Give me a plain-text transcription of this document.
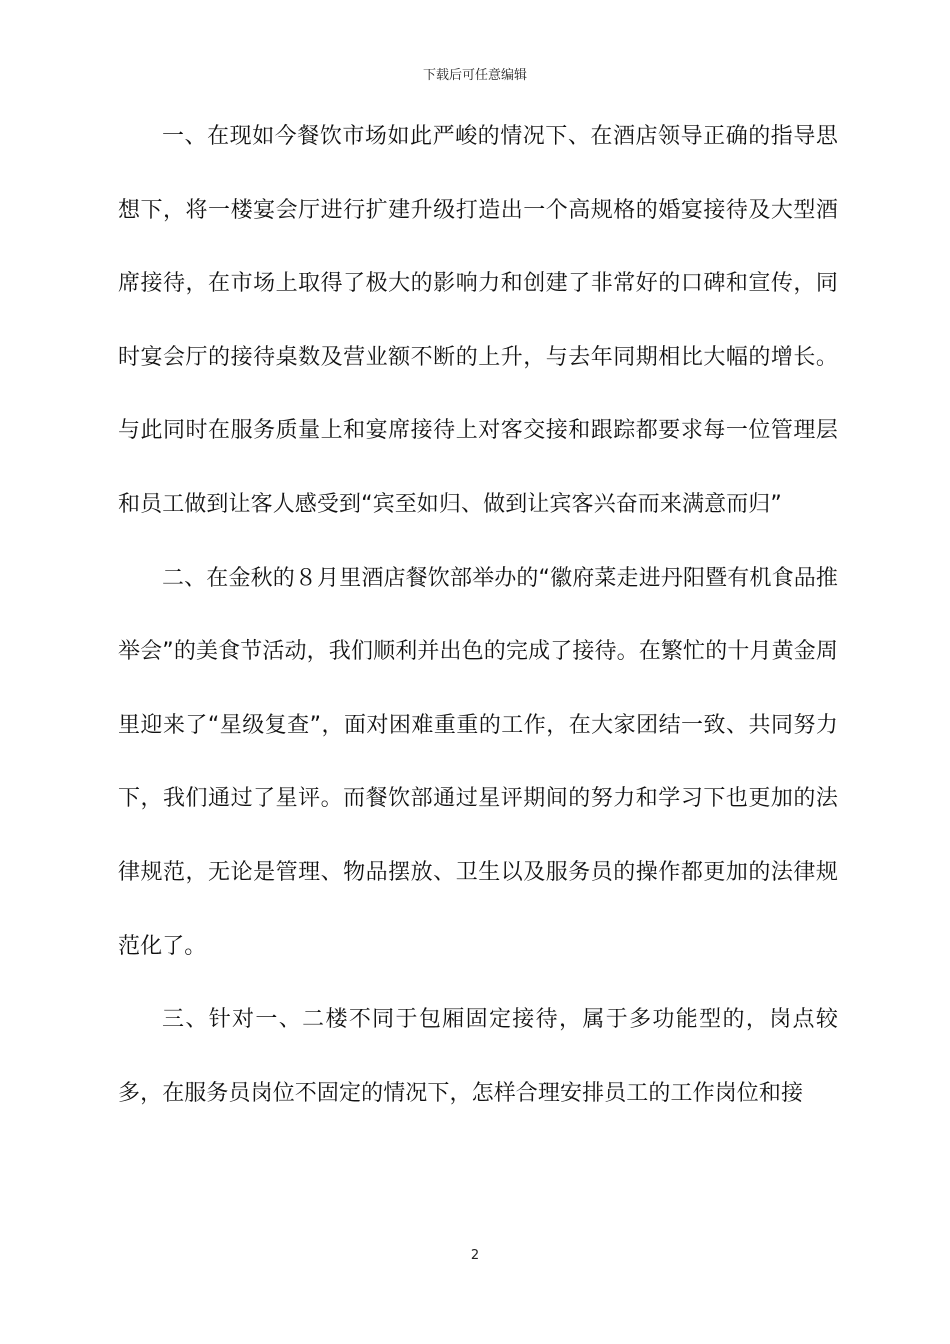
下载后可任意编辑

一、在现如今餐饮市场如此严峻的情况下、在酒店领导正确的指导思想下，将一楼宴会厅进行扩建升级打造出一个高规格的婚宴接待及大型酒席接待，在市场上取得了极大的影响力和创建了非常好的口碑和宣传，同时宴会厅的接待桌数及营业额不断的上升，与去年同期相比大幅的增长。与此同时在服务质量上和宴席接待上对客交接和跟踪都要求每一位管理层和员工做到让客人感受到“宾至如归、做到让宾客兴奋而来满意而归”

二、在金秋的８月里酒店餐饮部举办的“徽府菜走进丹阳暨有机食品推举会”的美食节活动，我们顺利并出色的完成了接待。在繁忙的十月黄金周里迎来了“星级复查”，面对困难重重的工作，在大家团结一致、共同努力下，我们通过了星评。而餐饮部通过星评期间的努力和学习下也更加的法律规范，无论是管理、物品摆放、卫生以及服务员的操作都更加的法律规范化了。

三、针对一、二楼不同于包厢固定接待，属于多功能型的，岗点较多，在服务员岗位不固定的情况下，怎样合理安排员工的工作岗位和接

2
